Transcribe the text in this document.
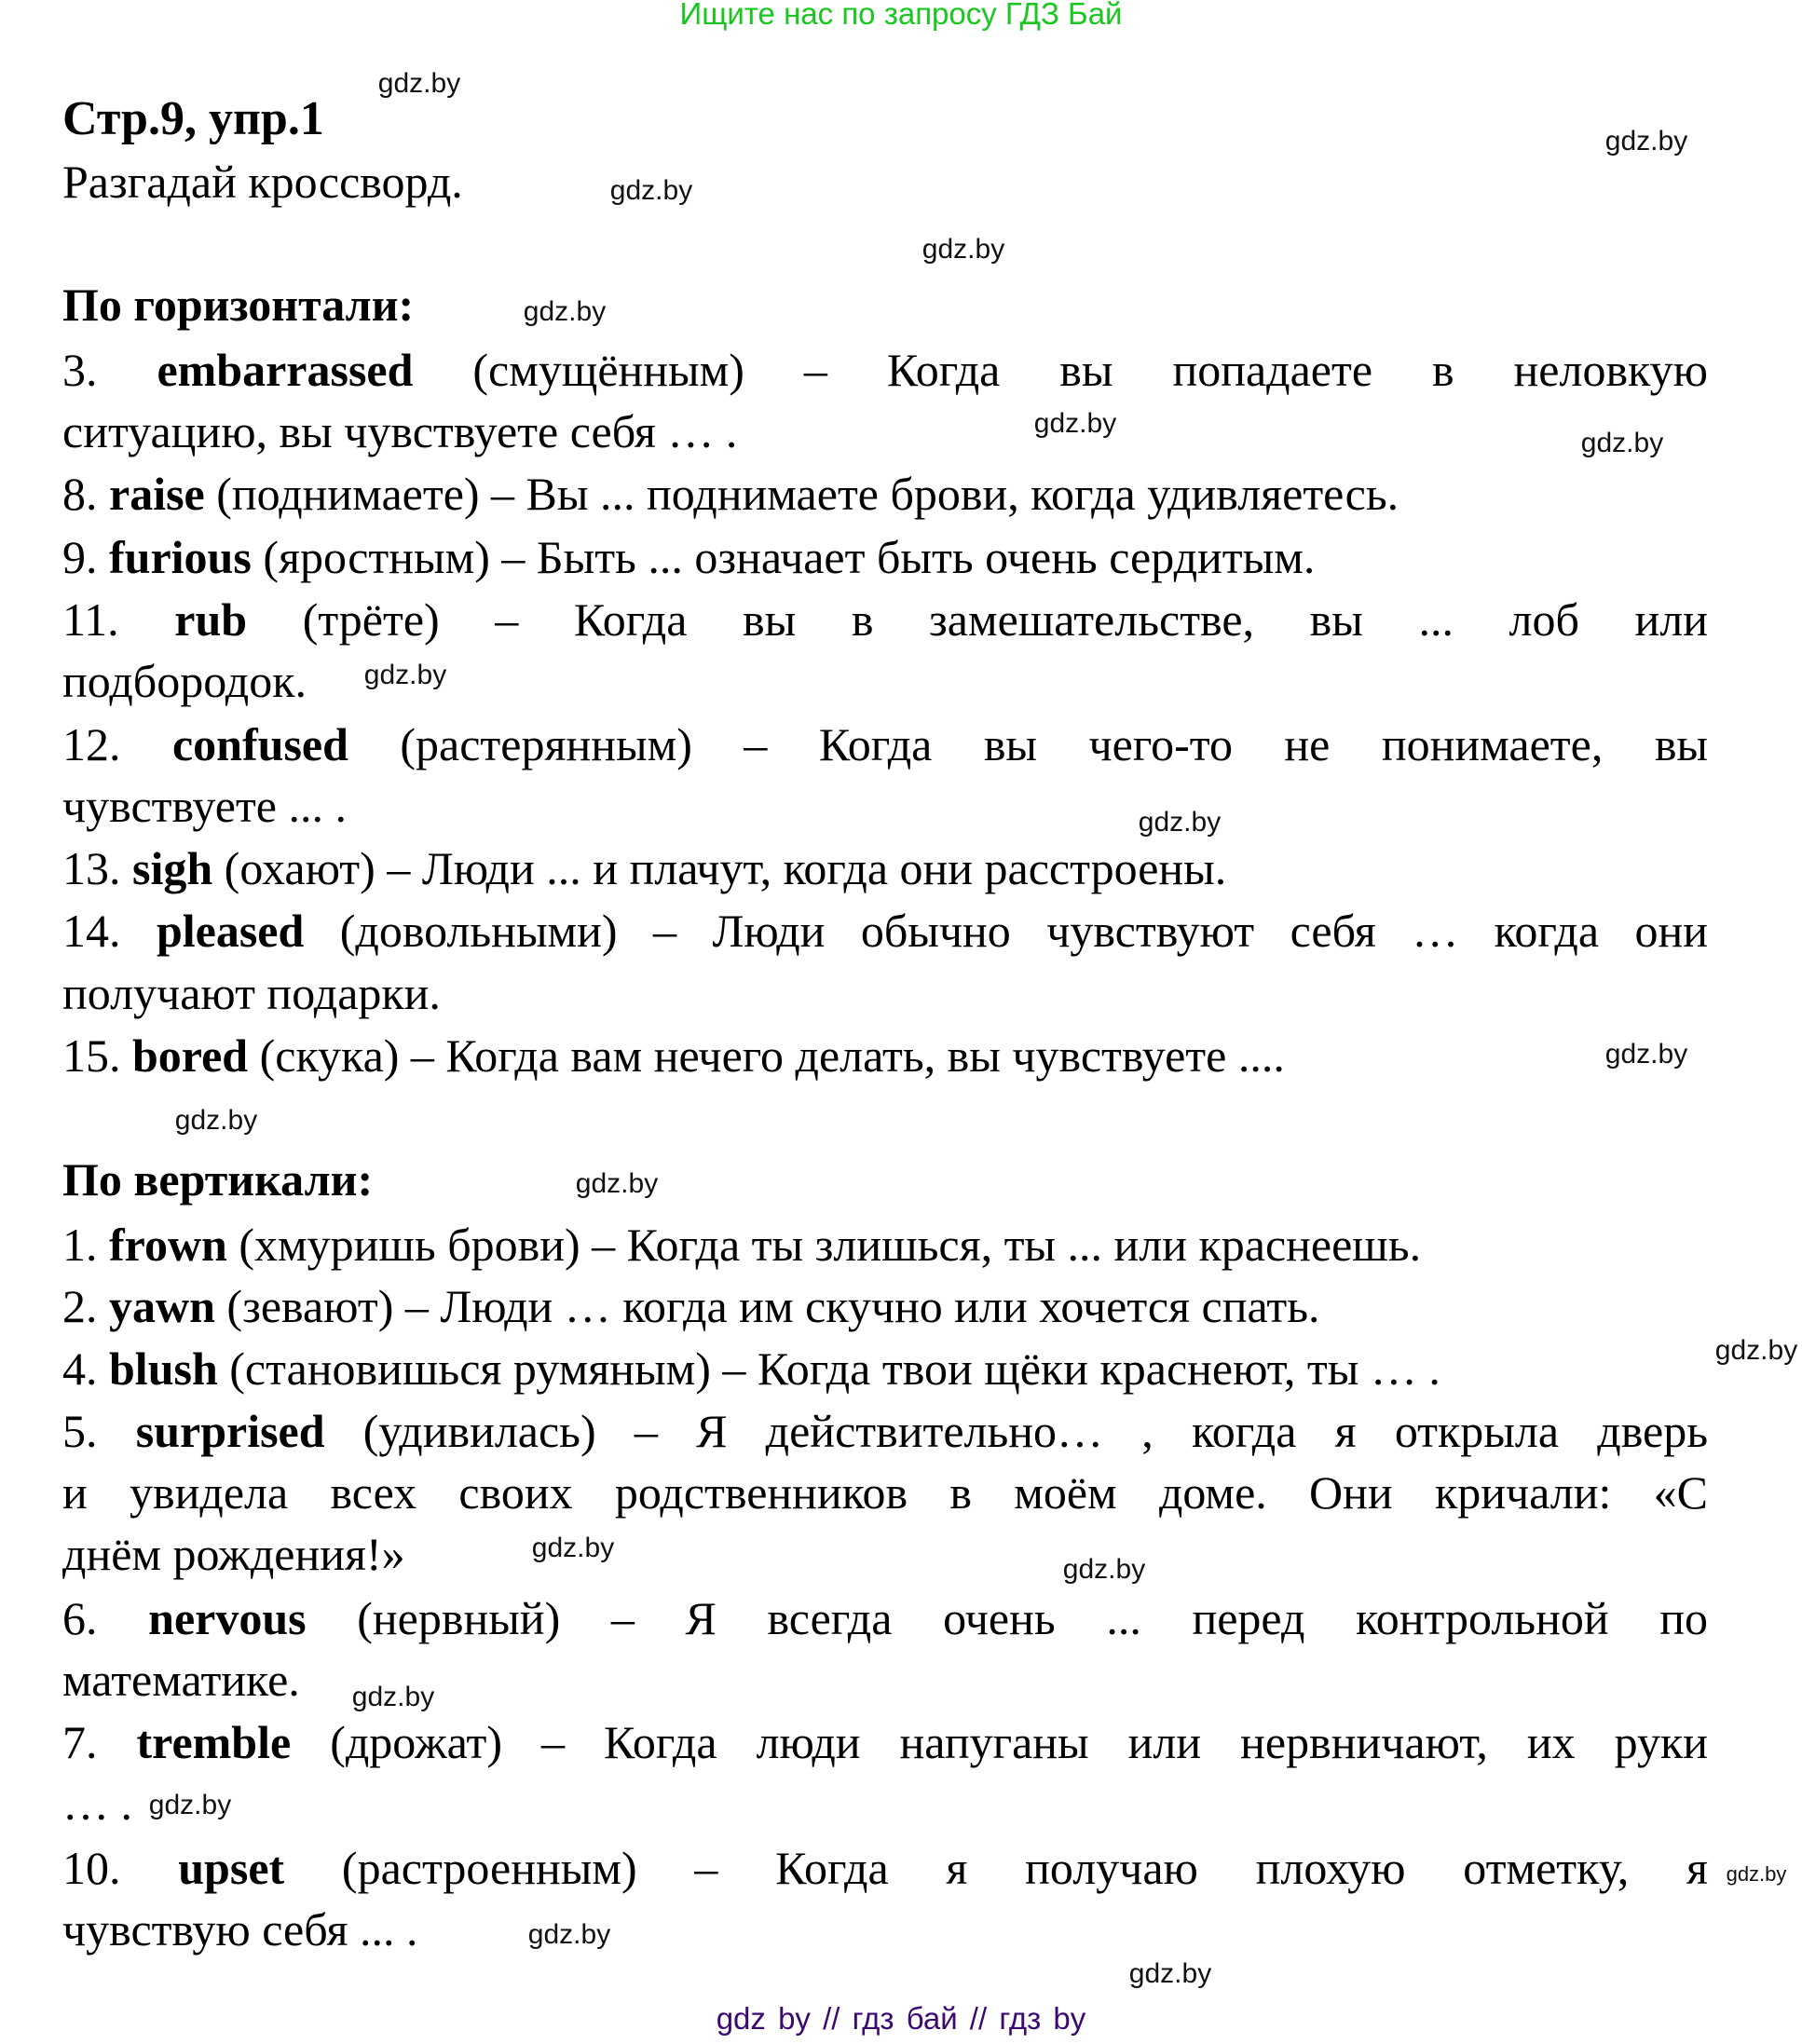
Ищите нас по запросу ГДЗ Бай
Стр.9, упр.1
Разгадай кроссворд.
По горизонтали:
По вертикали:
3. embarrassed (смущённым) – Когда вы попадаете в неловкую
ситуацию, вы чувствуете себя … .
8. raise (поднимаете) – Вы ... поднимаете брови, когда удивляетесь.
9. furious (яростным) – Быть ... означает быть очень сердитым.
11. rub (трёте) – Когда вы в замешательстве, вы ... лоб или
подбородок.
12. confused (растерянным) – Когда вы чего-то не понимаете, вы
чувствуете ... .
13. sigh (охают) – Люди ... и плачут, когда они расстроены.
14. pleased (довольными) – Люди обычно чувствуют себя … когда они
получают подарки.
15. bored (скука) – Когда вам нечего делать, вы чувствуете ....
1. frown (хмуришь брови) – Когда ты злишься, ты ... или краснеешь.
2. yawn (зевают) – Люди … когда им скучно или хочется спать.
4. blush (становишься румяным) – Когда твои щёки краснеют, ты … .
5. surprised (удивилась) – Я действительно… , когда я открыла дверь
и увидела всех своих родственников в моём доме. Они кричали: «С
днём рождения!»
6. nervous (нервный) – Я всегда очень ... перед контрольной по
математике.
7. tremble (дрожат) – Когда люди напуганы или нервничают, их руки
… .
10. upset (растроенным) – Когда я получаю плохую отметку, я
чувствую себя ... .
gdz.by
gdz.by
gdz.by
gdz.by
gdz.by
gdz.by
gdz.by
gdz.by
gdz.by
gdz.by
gdz.by
gdz.by
gdz.by
gdz.by
gdz.by
gdz.by
gdz.by
gdz.by
gdz.by
gdz.by
gdz by // гдз бай // гдз by
